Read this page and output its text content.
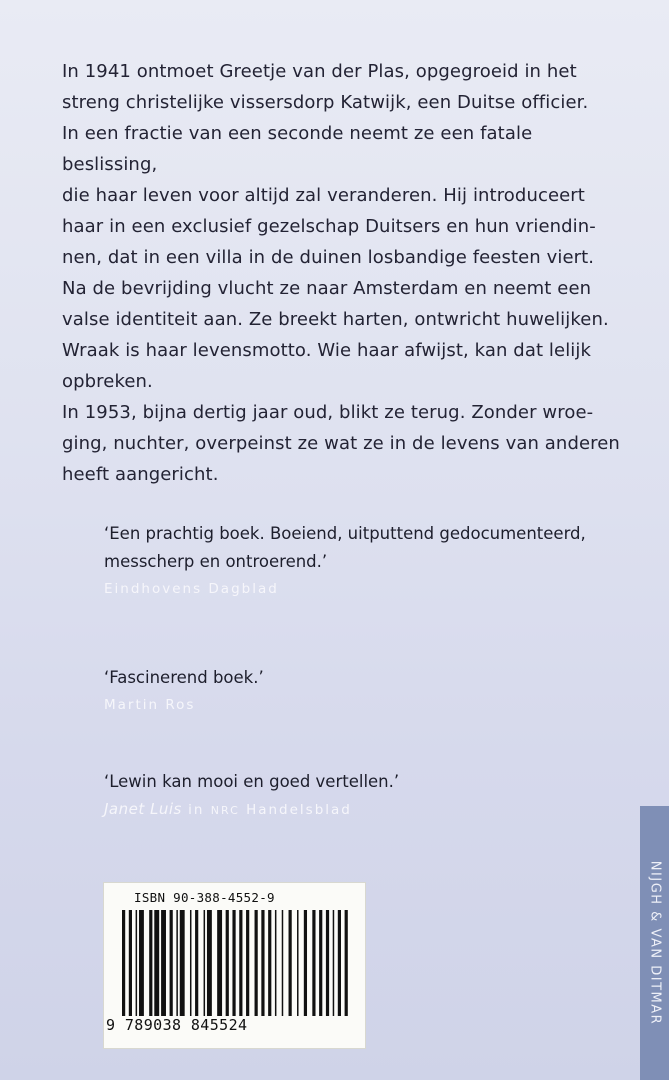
In 1941 ontmoet Greetje van der Plas, opgegroeid in het

streng christelijke vissersdorp Katwijk, een Duitse officier.

In een fractie van een seconde neemt ze een fatale beslissing,

die haar leven voor altijd zal veranderen. Hij introduceert

haar in een exclusief gezelschap Duitsers en hun vriendin-

nen, dat in een villa in de duinen losbandige feesten viert.

Na de bevrijding vlucht ze naar Amsterdam en neemt een

valse identiteit aan. Ze breekt harten, ontwricht huwelijken.

Wraak is haar levensmotto. Wie haar afwijst, kan dat lelijk

opbreken.

In 1953, bijna dertig jaar oud, blikt ze terug. Zonder wroe-

ging, nuchter, overpeinst ze wat ze in de levens van anderen

heeft aangericht.

‘Een prachtig boek. Boeiend, uitputtend gedocumenteerd,
messcherp en ontroerend.’
Eindhovens Dagblad
‘Fascinerend boek.’
Martin Ros
‘Lewin kan mooi en goed vertellen.’
Janet Luis in NRC Handelsblad
ISBN 90-388-4552-9
9 789038 845524	NIJGH & VAN DITMAR
